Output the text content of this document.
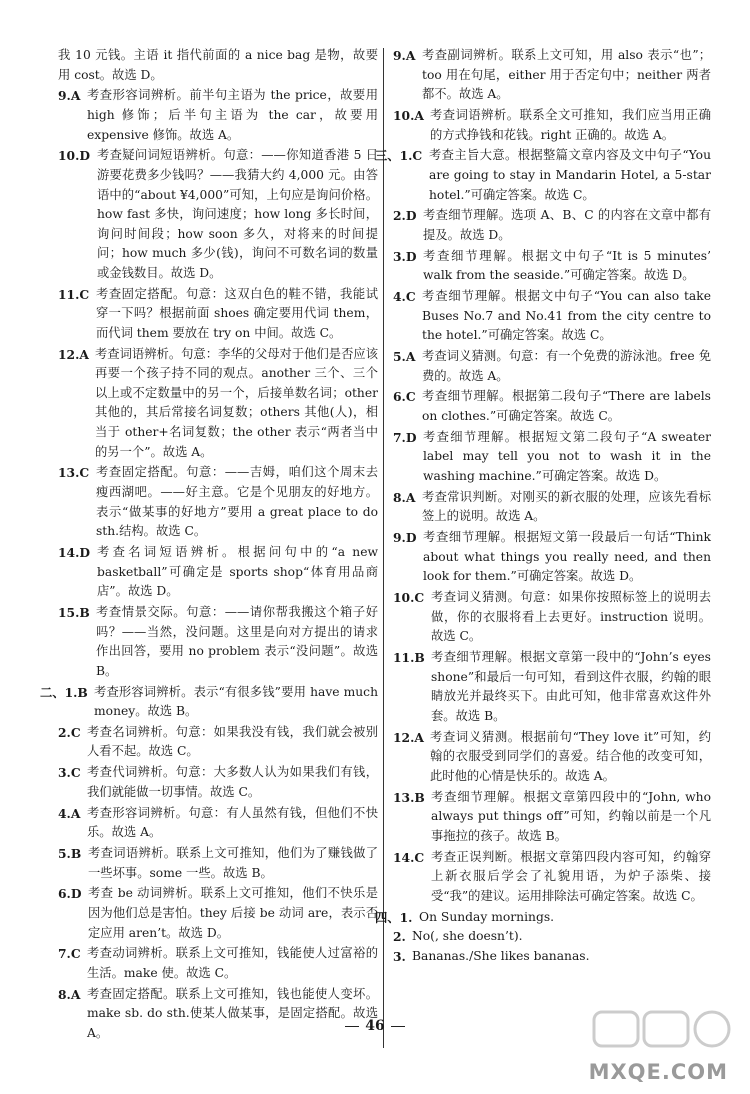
我 10 元钱。主语 it 指代前面的 a nice bag 是物，故要用 cost。故选 D。
9.A 考查形容词辨析。前半句主语为 the price，故要用 high 修饰；后半句主语为 the car，故要用 expensive 修饰。故选 A。
10.D 考查疑问词短语辨析。句意：——你知道香港 5 日游要花费多少钱吗？——我猜大约 4,000 元。由答语中的“about ¥4,000”可知，上句应是询问价格。how fast 多快，询问速度；how long 多长时间，询问时间段；how soon 多久，对将来的时间提问；how much 多少(钱)，询问不可数名词的数量或金钱数目。故选 D。
11.C 考查固定搭配。句意：这双白色的鞋不错，我能试穿一下吗？根据前面 shoes 确定要用代词 them，而代词 them 要放在 try on 中间。故选 C。
12.A 考查词语辨析。句意：李华的父母对于他们是否应该再要一个孩子持不同的观点。another 三个、三个以上或不定数量中的另一个，后接单数名词；other 其他的，其后常接名词复数；others 其他(人)，相当于 other+名词复数；the other 表示“两者当中的另一个”。故选 A。
13.C 考查固定搭配。句意：——吉姆，咱们这个周末去瘦西湖吧。——好主意。它是个见朋友的好地方。表示“做某事的好地方”要用 a great place to do sth.结构。故选 C。
14.D 考查名词短语辨析。根据问句中的“a new basketball”可确定是 sports shop“体育用品商店”。故选 D。
15.B 考查情景交际。句意：——请你帮我搬这个箱子好吗？——当然，没问题。这里是向对方提出的请求作出回答，要用 no problem 表示“没问题”。故选 B。
二、1.B 考查形容词辨析。表示“有很多钱”要用 have much money。故选 B。
2.C 考查名词辨析。句意：如果我没有钱，我们就会被别人看不起。故选 C。
3.C 考查代词辨析。句意：大多数人认为如果我们有钱，我们就能做一切事情。故选 C。
4.A 考查形容词辨析。句意：有人虽然有钱，但他们不快乐。故选 A。
5.B 考查词语辨析。联系上文可推知，他们为了赚钱做了一些坏事。some 一些。故选 B。
6.D 考查 be 动词辨析。联系上文可推知，他们不快乐是因为他们总是害怕。they 后接 be 动词 are，表示否定应用 aren’t。故选 D。
7.C 考查动词辨析。联系上文可推知，钱能使人过富裕的生活。make 使。故选 C。
8.A 考查固定搭配。联系上文可推知，钱也能使人变坏。make sb. do sth.使某人做某事，是固定搭配。故选 A。
9.A 考查副词辨析。联系上文可知，用 also 表示“也”；too 用在句尾，either 用于否定句中；neither 两者都不。故选 A。
10.A 考查词语辨析。联系全文可推知，我们应当用正确的方式挣钱和花钱。right 正确的。故选 A。
三、1.C 考查主旨大意。根据整篇文章内容及文中句子“You are going to stay in Mandarin Hotel, a 5-star hotel.”可确定答案。故选 C。
2.D 考查细节理解。选项 A、B、C 的内容在文章中都有提及。故选 D。
3.D 考查细节理解。根据文中句子“It is 5 minutes’ walk from the seaside.”可确定答案。故选 D。
4.C 考查细节理解。根据文中句子“You can also take Buses No.7 and No.41 from the city centre to the hotel.”可确定答案。故选 C。
5.A 考查词义猜测。句意：有一个免费的游泳池。free 免费的。故选 A。
6.C 考查细节理解。根据第二段句子“There are labels on clothes.”可确定答案。故选 C。
7.D 考查细节理解。根据短文第二段句子“A sweater label may tell you not to wash it in the washing machine.”可确定答案。故选 D。
8.A 考查常识判断。对刚买的新衣服的处理，应该先看标签上的说明。故选 A。
9.D 考查细节理解。根据短文第一段最后一句话“Think about what things you really need, and then look for them.”可确定答案。故选 D。
10.C 考查词义猜测。句意：如果你按照标签上的说明去做，你的衣服将看上去更好。instruction 说明。故选 C。
11.B 考查细节理解。根据文章第一段中的“John’s eyes shone”和最后一句可知，看到这件衣服，约翰的眼睛放光并最终买下。由此可知，他非常喜欢这件外套。故选 B。
12.A 考查词义猜测。根据前句“They love it”可知，约翰的衣服受到同学们的喜爱。结合他的改变可知，此时他的心情是快乐的。故选 A。
13.B 考查细节理解。根据文章第四段中的“John, who always put things off”可知，约翰以前是一个凡事拖拉的孩子。故选 B。
14.C 考查正误判断。根据文章第四段内容可知，约翰穿上新衣服后学会了礼貌用语，为炉子添柴、接受“我”的建议。运用排除法可确定答案。故选 C。
四、1. On Sunday mornings.
2. No(, she doesn’t).
3. Bananas./She likes bananas.
46
MXQE.COM
